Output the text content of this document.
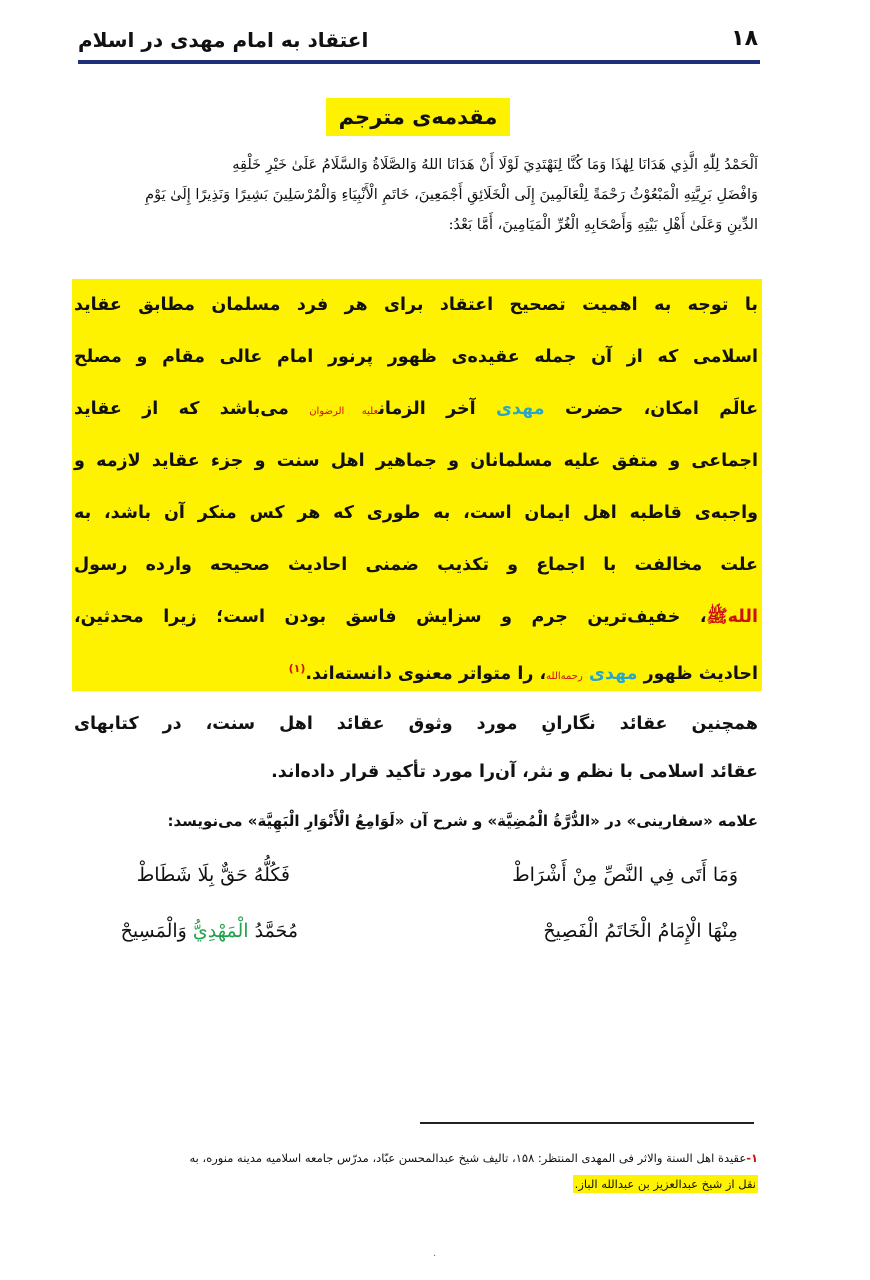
۱۸
اعتقاد به امام مهدی در اسلام
مقدمه‌ی مترجم
اَلْحَمْدُ لِلّٰهِ الَّذِي هَدَانَا لِهٰذَا وَمَا كُنَّا لِنَهْتَدِيَ لَوْلَا أَنْ هَدَانَا اللهُ وَالصَّلَاةُ وَالسَّلَامُ عَلَىٰ خَيْرِ خَلْقِهِ
وَافْضَلِ بَرِيَّتِهِ الْمَبْعُوْثُ رَحْمَةً لِلْعَالَمِينَ إِلَى الْخَلَائِقِ أَجْمَعِينَ، خَاتَمِ الْأَنْبِيَاءِ وَالْمُرْسَلِينَ بَشِيرًا وَنَذِيرًا إِلَىٰ يَوْمِ
الدِّينِ وَعَلَىٰ أَهْلِ بَيْتِهِ وَأَصْحَابِهِ الْغُرِّ الْمَيَامِينَ، أَمَّا بَعْدُ:
با توجه به اهمیت تصحیح اعتقاد برای هر فرد مسلمان مطابق عقاید
اسلامی که از آن جمله عقیده‌ی ظهور پرنور امام عالی مقام و مصلح
عالَم امکان، حضرت مهدی آخر الزمانعلیه الرضوان می‌باشد که از عقاید
اجماعی و متفق علیه مسلمانان و جماهیر اهل سنت و جزء عقاید لازمه و
واجبه‌ی قاطبه اهل ایمان است، به طوری که هر کس منکر آن باشد، به
علت مخالفت با اجماع و تکذیب ضمنی احادیث صحیحه وارده رسول
اللهﷺ، خفیف‌ترین جرم و سزایش فاسق بودن است؛ زیرا محدثین،
احادیث ظهور مهدی رحمه‌الله، را متواتر معنوی دانسته‌اند.$^{(۱)}$
همچنین عقائد نگارانِ مورد وثوق عقائد اهل سنت، در کتابهای
عقائد اسلامی با نظم و نثر، آن‌را مورد تأکید قرار داده‌اند.
علامه «سفارینی» در «الدُّرَّةُ الْمُضِيَّة» و شرح آن «لَوَامِعُ الْأَنْوَارِ الْبَهِيَّة» می‌نویسد:
وَمَا أَتَى فِي النَّصِّ مِنْ أَشْرَاطْ
فَكُلُّهُ حَقٌّ بِلَا شَطَاطْ
مِنْهَا الْإِمَامُ الْخَاتَمُ الْفَصِيحْ
مُحَمَّدُ الْمَهْدِيُّ وَالْمَسِيحْ
۱-عقیدة اهل السنة والاثر فی المهدی المنتظر: ۱۵۸، تالیف شیخ عبدالمحسن عبّاد، مدرّس جامعه اسلامیه مدینه منوره، به
نقل از شیخ عبدالعزیز بن عبدالله الباز.
.
